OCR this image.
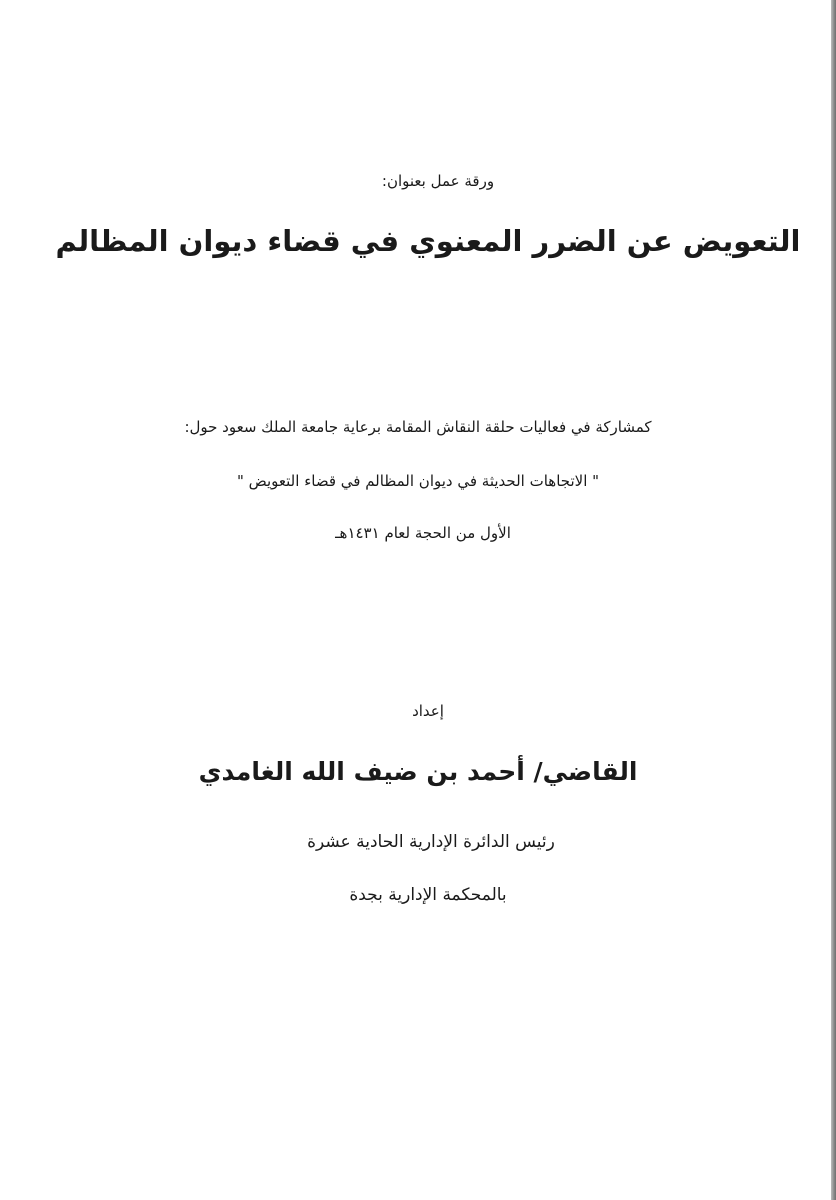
ورقة عمل بعنوان:
التعويض عن الضرر المعنوي في قضاء ديوان المظالم
كمشاركة في فعاليات حلقة النقاش المقامة برعاية جامعة الملك سعود حول:
" الاتجاهات الحديثة في ديوان المظالم في قضاء التعويض "
الأول من الحجة لعام ١٤٣١هـ
إعداد
القاضي/ أحمد بن ضيف الله الغامدي
رئيس الدائرة الإدارية الحادية عشرة
بالمحكمة الإدارية بجدة
